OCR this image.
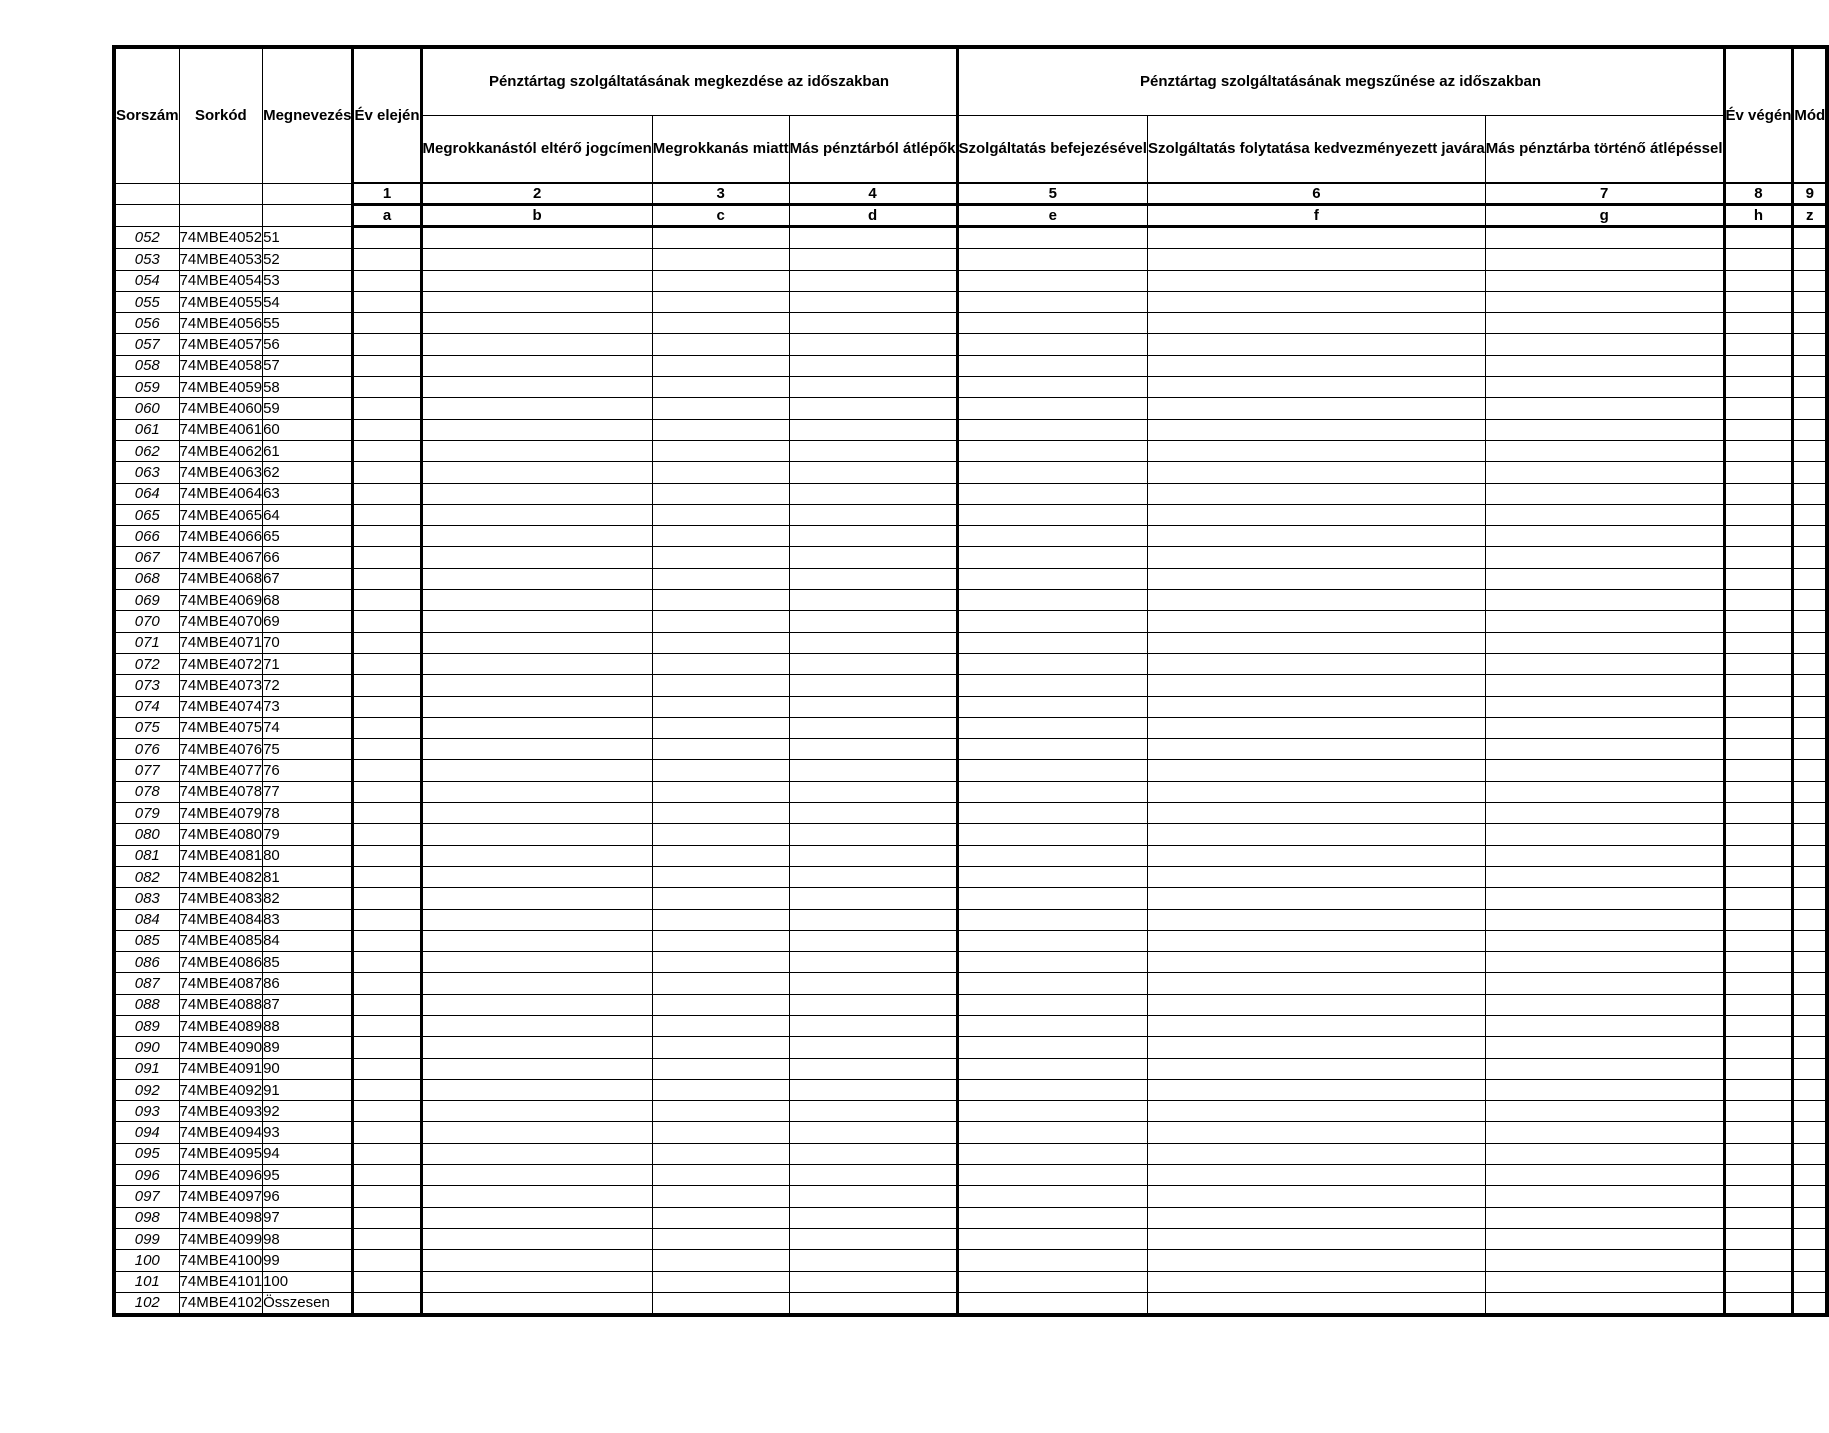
Sorszám	Sorkód	Megnevezés	Év elején	Pénztártag szolgáltatásának megkezdése az időszakban			Pénztártag szolgáltatásának megszűnése az időszakban			Év végén	Mód
				Megrokkanástól eltérő jogcímen	Megrokkanás miatt	Más pénztárból átlépők	Szolgáltatás befejezésével	Szolgáltatás folytatása kedvezményezett javára	Más pénztárba történő átlépéssel		
			1	2	3	4	5	6	7	8	9
			a	b	c	d	e	f	g	h	z
052	74MBE4052	51									
053	74MBE4053	52									
054	74MBE4054	53									
055	74MBE4055	54									
056	74MBE4056	55									
057	74MBE4057	56									
058	74MBE4058	57									
059	74MBE4059	58									
060	74MBE4060	59									
061	74MBE4061	60									
062	74MBE4062	61									
063	74MBE4063	62									
064	74MBE4064	63									
065	74MBE4065	64									
066	74MBE4066	65									
067	74MBE4067	66									
068	74MBE4068	67									
069	74MBE4069	68									
070	74MBE4070	69									
071	74MBE4071	70									
072	74MBE4072	71									
073	74MBE4073	72									
074	74MBE4074	73									
075	74MBE4075	74									
076	74MBE4076	75									
077	74MBE4077	76									
078	74MBE4078	77									
079	74MBE4079	78									
080	74MBE4080	79									
081	74MBE4081	80									
082	74MBE4082	81									
083	74MBE4083	82									
084	74MBE4084	83									
085	74MBE4085	84									
086	74MBE4086	85									
087	74MBE4087	86									
088	74MBE4088	87									
089	74MBE4089	88									
090	74MBE4090	89									
091	74MBE4091	90									
092	74MBE4092	91									
093	74MBE4093	92									
094	74MBE4094	93									
095	74MBE4095	94									
096	74MBE4096	95									
097	74MBE4097	96									
098	74MBE4098	97									
099	74MBE4099	98									
100	74MBE4100	99									
101	74MBE4101	100									
102	74MBE4102	Összesen									
